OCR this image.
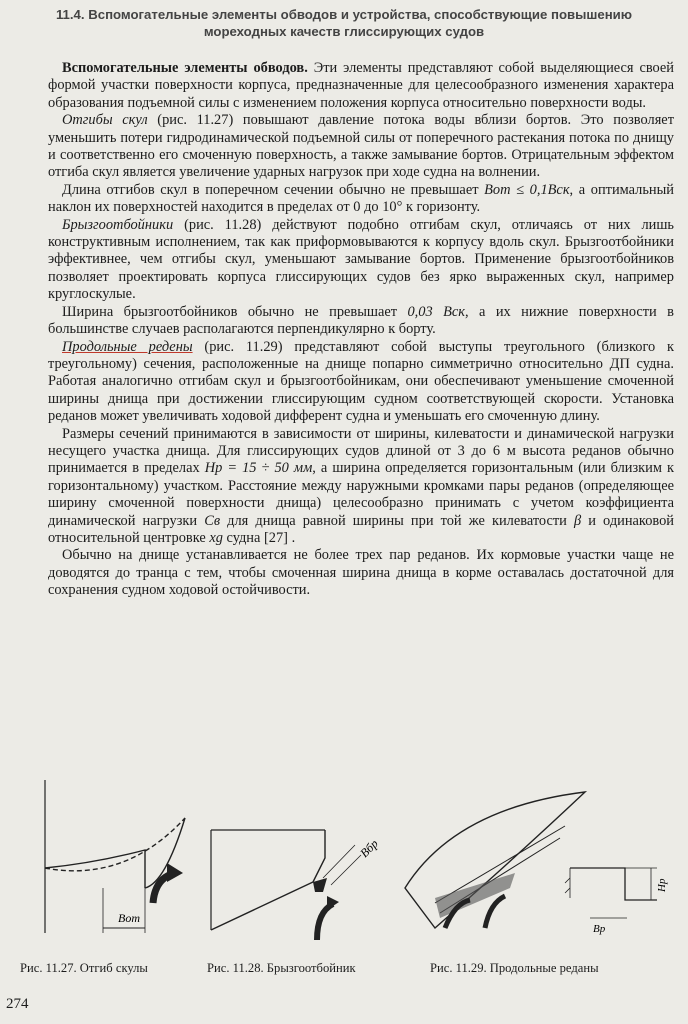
11.4. Вспомогательные элементы обводов и устройства, способствующие повышению
мореходных качеств глиссирующих судов

Вспомогательные элементы обводов. Эти элементы представляют собой выделяющиеся своей формой участки поверхности корпуса, предназначенные для целесообразного изменения характера образования подъемной силы с изменением положения корпуса относительно поверхности воды.

Отгибы скул (рис. 11.27) повышают давление потока воды вблизи бортов. Это позволяет уменьшить потери гидродинамической подъемной силы от поперечного растекания потока по днищу и соответственно его смоченную поверхность, а также замывание бортов. Отрицательным эффектом отгиба скул является увеличение ударных нагрузок при ходе судна на волнении.

Длина отгибов скул в поперечном сечении обычно не превышает Bот ≤ 0,1Bск, а оптимальный наклон их поверхностей находится в пределах от 0 до 10° к горизонту.

Брызгоотбойники (рис. 11.28) действуют подобно отгибам скул, отличаясь от них лишь конструктивным исполнением, так как приформовываются к корпусу вдоль скул. Брызгоотбойники эффективнее, чем отгибы скул, уменьшают замывание бортов. Применение брызгоотбойников позволяет проектировать корпуса глиссирующих судов без ярко выраженных скул, например круглоскулые.

Ширина брызгоотбойников обычно не превышает 0,03 Bск, а их нижние поверхности в большинстве случаев располагаются перпендикулярно к борту.

Продольные редены (рис. 11.29) представляют собой выступы треугольного (близкого к треугольному) сечения, расположенные на днище попарно симметрично относительно ДП судна. Работая аналогично отгибам скул и брызгоотбойникам, они обеспечивают уменьшение смоченной ширины днища при достижении глиссирующим судном соответствующей скорости. Установка реданов может увеличивать ходовой дифферент судна и уменьшать его смоченную длину.

Размеры сечений принимаются в зависимости от ширины, килеватости и динамической нагрузки несущего участка днища. Для глиссирующих судов длиной от 3 до 6 м высота реданов обычно принимается в пределах Hр = 15 ÷ 50 мм, а ширина определяется горизонтальным (или близким к горизонтальному) участком. Расстояние между наружными кромками пары реданов (определяющее ширину смоченной поверхности днища) целесообразно принимать с учетом коэффициента динамической нагрузки Cв для днища равной ширины при той же килеватости β и одинаковой относительной центровке xg судна [27] .

Обычно на днище устанавливается не более трех пар реданов. Их кормовые участки чаще не доводятся до транца с тем, чтобы смоченная ширина днища в корме оставалась достаточной для сохранения судном ходовой остойчивости.

Bот
Bбр
Hр
Bр
Рис. 11.27. Отгиб скулы	Рис. 11.28. Брызгоотбойник	Рис. 11.29. Продольные реданы
274
